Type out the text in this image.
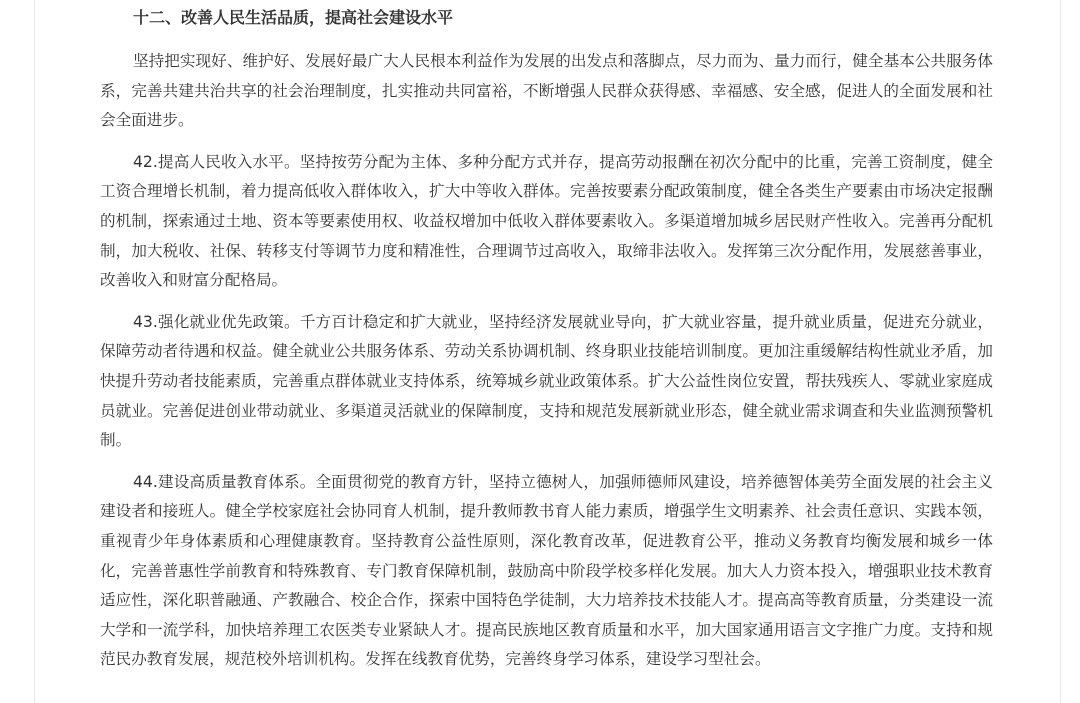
十二、改善人民生活品质，提高社会建设水平

坚持把实现好、维护好、发展好最广大人民根本利益作为发展的出发点和落脚点，尽力而为、量力而行，健全基本公共服务体系，完善共建共治共享的社会治理制度，扎实推动共同富裕，不断增强人民群众获得感、幸福感、安全感，促进人的全面发展和社会全面进步。

42.提高人民收入水平。坚持按劳分配为主体、多种分配方式并存，提高劳动报酬在初次分配中的比重，完善工资制度，健全工资合理增长机制，着力提高低收入群体收入，扩大中等收入群体。完善按要素分配政策制度，健全各类生产要素由市场决定报酬的机制，探索通过土地、资本等要素使用权、收益权增加中低收入群体要素收入。多渠道增加城乡居民财产性收入。完善再分配机制，加大税收、社保、转移支付等调节力度和精准性，合理调节过高收入，取缔非法收入。发挥第三次分配作用，发展慈善事业，改善收入和财富分配格局。

43.强化就业优先政策。千方百计稳定和扩大就业，坚持经济发展就业导向，扩大就业容量，提升就业质量，促进充分就业，保障劳动者待遇和权益。健全就业公共服务体系、劳动关系协调机制、终身职业技能培训制度。更加注重缓解结构性就业矛盾，加快提升劳动者技能素质，完善重点群体就业支持体系，统筹城乡就业政策体系。扩大公益性岗位安置，帮扶残疾人、零就业家庭成员就业。完善促进创业带动就业、多渠道灵活就业的保障制度，支持和规范发展新就业形态，健全就业需求调查和失业监测预警机制。

44.建设高质量教育体系。全面贯彻党的教育方针，坚持立德树人，加强师德师风建设，培养德智体美劳全面发展的社会主义建设者和接班人。健全学校家庭社会协同育人机制，提升教师教书育人能力素质，增强学生文明素养、社会责任意识、实践本领，重视青少年身体素质和心理健康教育。坚持教育公益性原则，深化教育改革，促进教育公平，推动义务教育均衡发展和城乡一体化，完善普惠性学前教育和特殊教育、专门教育保障机制，鼓励高中阶段学校多样化发展。加大人力资本投入，增强职业技术教育适应性，深化职普融通、产教融合、校企合作，探索中国特色学徒制，大力培养技术技能人才。提高高等教育质量，分类建设一流大学和一流学科，加快培养理工农医类专业紧缺人才。提高民族地区教育质量和水平，加大国家通用语言文字推广力度。支持和规范民办教育发展，规范校外培训机构。发挥在线教育优势，完善终身学习体系，建设学习型社会。
